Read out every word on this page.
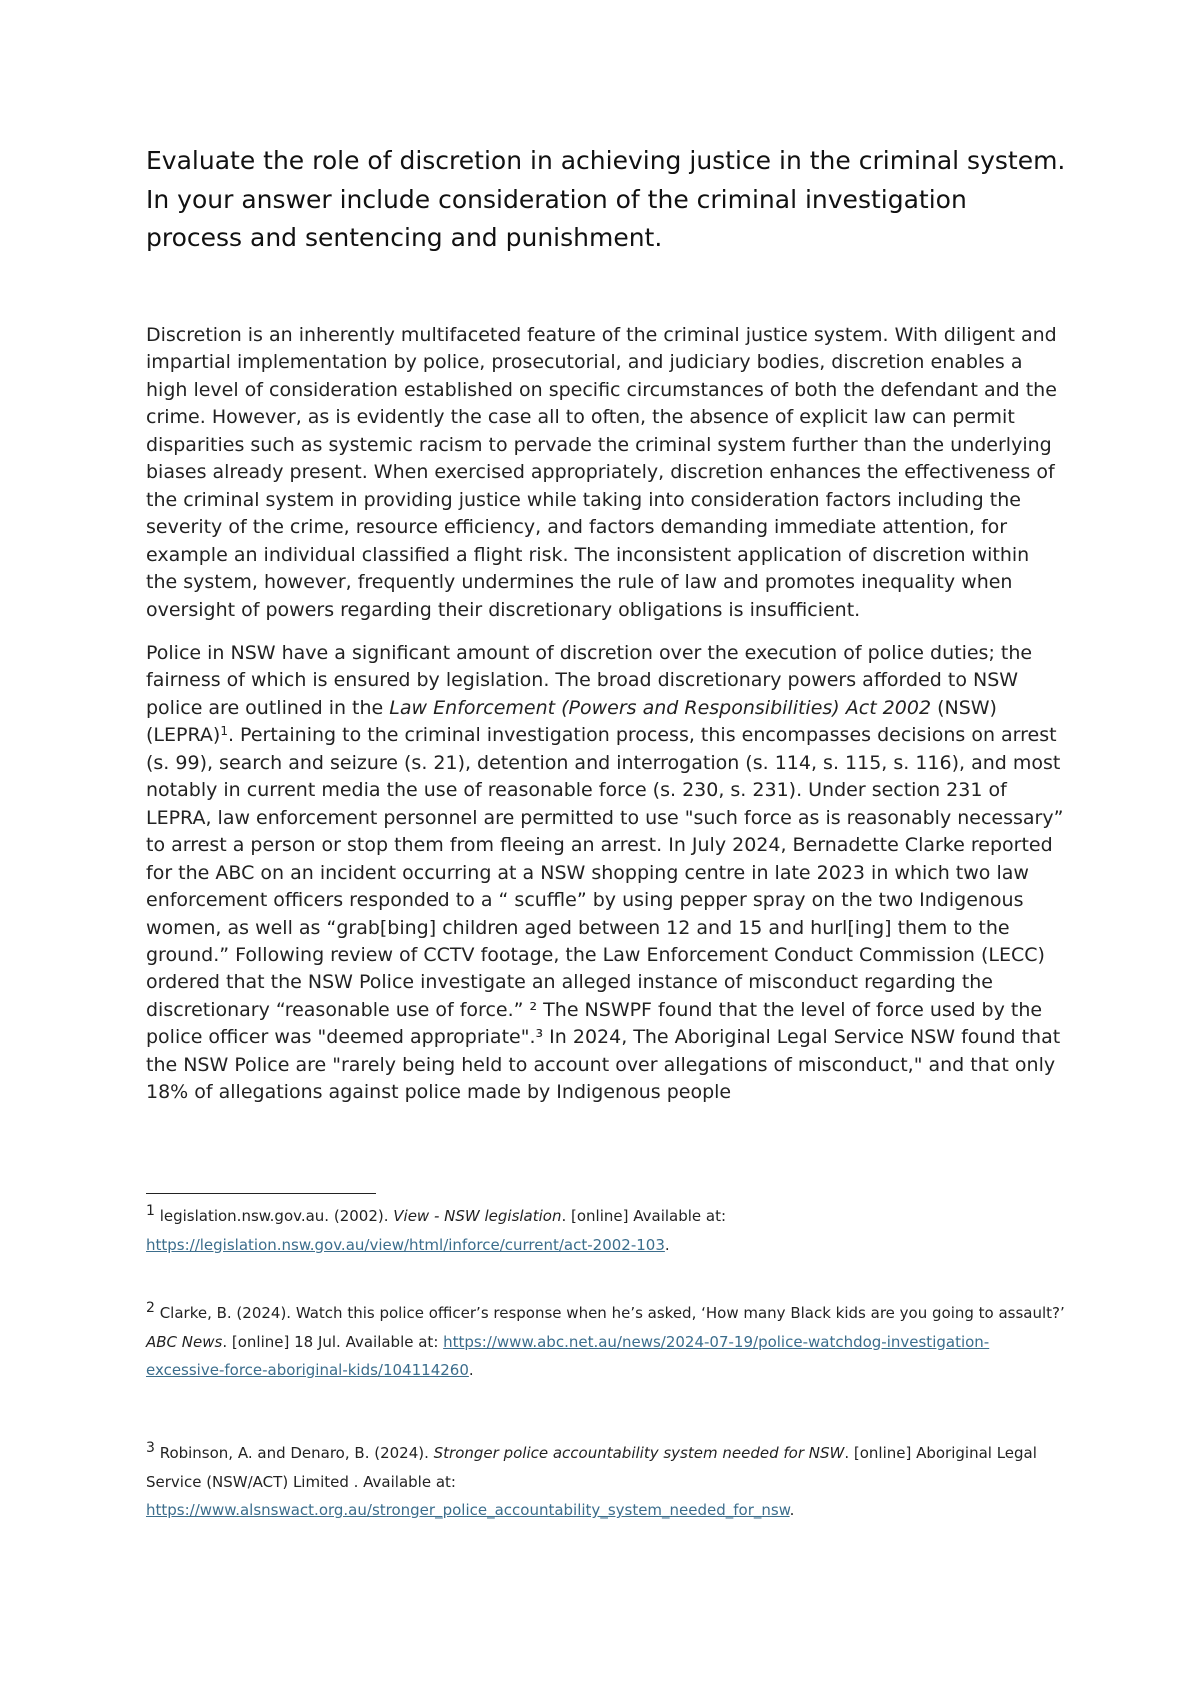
Evaluate the role of discretion in achieving justice in the criminal system. In your answer include consideration of the criminal investigation process and sentencing and punishment.

Discretion is an inherently multifaceted feature of the criminal justice system. With diligent and impartial implementation by police, prosecutorial, and judiciary bodies, discretion enables a high level of consideration established on specific circumstances of both the defendant and the crime. However, as is evidently the case all to often, the absence of explicit law can permit disparities such as systemic racism to pervade the criminal system further than the underlying biases already present. When exercised appropriately, discretion enhances the effectiveness of the criminal system in providing justice while taking into consideration factors including the severity of the crime, resource efficiency, and factors demanding immediate attention, for example an individual classified a flight risk. The inconsistent application of discretion within the system, however, frequently undermines the rule of law and promotes inequality when oversight of powers regarding their discretionary obligations is insufficient.

Police in NSW have a significant amount of discretion over the execution of police duties; the fairness of which is ensured by legislation. The broad discretionary powers afforded to NSW police are outlined in the Law Enforcement (Powers and Responsibilities) Act 2002 (NSW)(LEPRA)$^1$. Pertaining to the criminal investigation process, this encompasses decisions on arrest (s. 99), search and seizure (s. 21), detention and interrogation (s. 114, s. 115, s. 116), and most notably in current media the use of reasonable force (s. 230, s. 231). Under section 231 of LEPRA, law enforcement personnel are permitted to use "such force as is reasonably necessary” to arrest a person or stop them from fleeing an arrest. In July 2024, Bernadette Clarke reported for the ABC on an incident occurring at a NSW shopping centre in late 2023 in which two law enforcement officers responded to a “ scuffle” by using pepper spray on the two Indigenous women, as well as “grab[bing] children aged between 12 and 15 and hurl[ing] them to the ground.” Following review of CCTV footage, the Law Enforcement Conduct Commission (LECC) ordered that the NSW Police investigate an alleged instance of misconduct regarding the discretionary “reasonable use of force.” ² The NSWPF found that the level of force used by the police officer was "deemed appropriate".³ In 2024, The Aboriginal Legal Service NSW found that the NSW Police are "rarely being held to account over allegations of misconduct," and that only 18% of allegations against police made by Indigenous people

1 legislation.nsw.gov.au. (2002). View - NSW legislation. [online] Available at: https://legislation.nsw.gov.au/view/html/inforce/current/act-2002-103.

2 Clarke, B. (2024). Watch this police officer’s response when he’s asked, ‘How many Black kids are you going to assault?’ ABC News. [online] 18 Jul. Available at: https://www.abc.net.au/news/2024-07-19/police-watchdog-investigation-excessive-force-aboriginal-kids/104114260.

3 Robinson, A. and Denaro, B. (2024). Stronger police accountability system needed for NSW. [online] Aboriginal Legal Service (NSW/ACT) Limited . Available at: https://www.alsnswact.org.au/stronger_police_accountability_system_needed_for_nsw.
